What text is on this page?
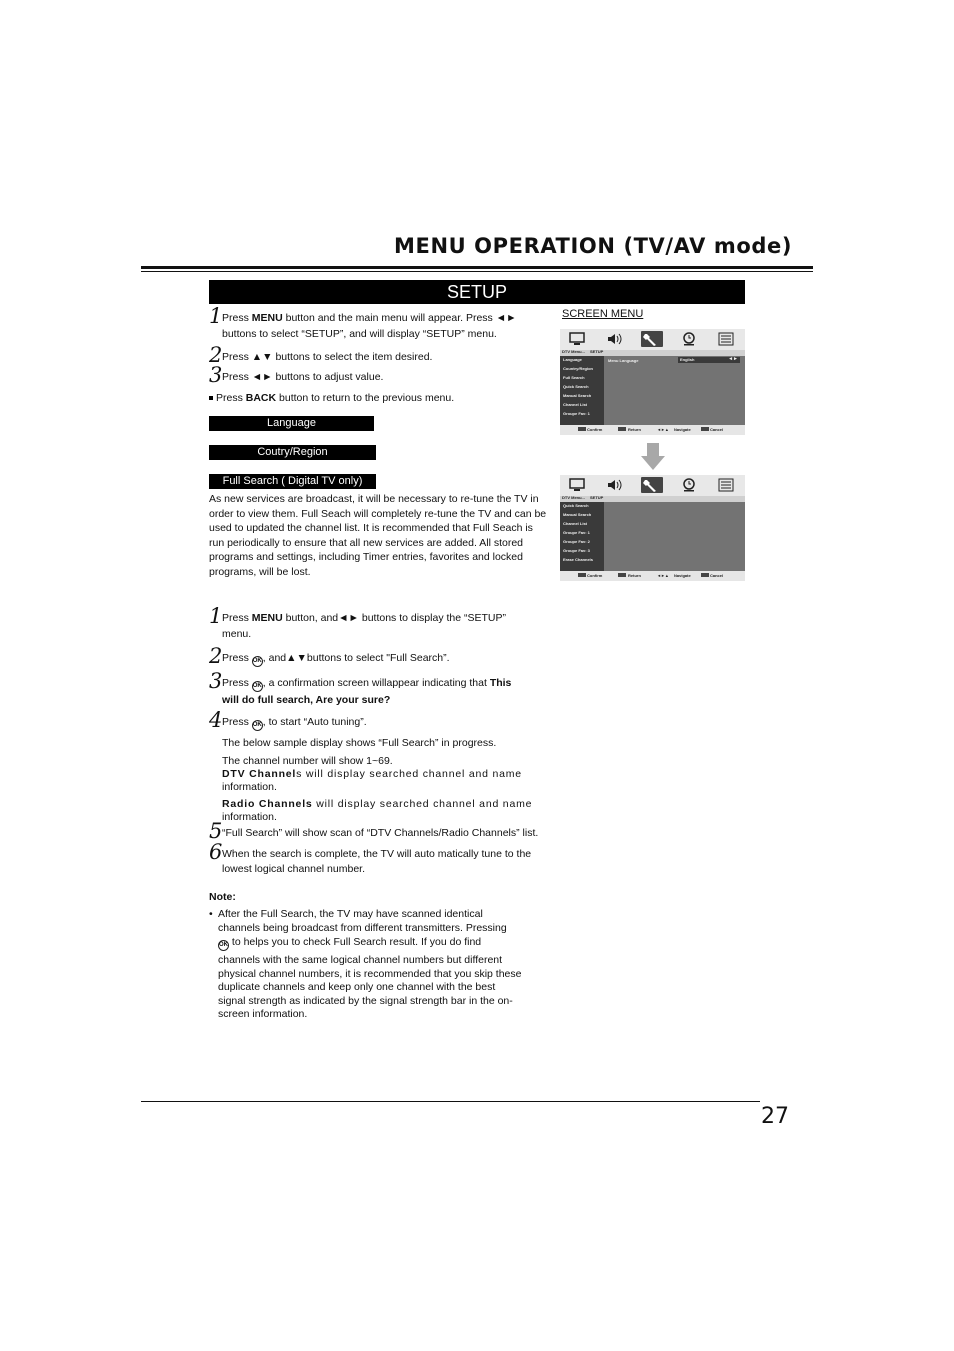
MENU OPERATION (TV/AV mode)
SETUP
1 Press MENU button and the main menu will appear. Press ◄►
buttons to select “SETUP”, and will display “SETUP” menu.
2 Press ▲▼ buttons to select the item desired.
3 Press ◄► buttons to adjust value.
Press BACK button to return to the previous menu.
Language
Coutry/Region
Full Search ( Digital TV only)
As new services are broadcast, it will be necessary to re-tune the TV in order to view them. Full Seach will completely re-tune the TV and can be used to updated the channel list. It is recommended that Full Seach is run periodically to ensure that all new services are added. All stored programs and settings, including Timer entries, favorites and locked programs, will be lost.
1 Press MENU button, and◄► buttons to display the “SETUP”
menu.
2 Press OK, and▲▼buttons to select "Full Search”.
3 Press OK, a confirmation screen willappear indicating that This
will do full search, Are your sure?
4 Press OK, to start “Auto tuning”.
The below sample display shows “Full Search” in progress.
The channel number will show 1~69.
DTV Channels will display searched channel and name
information.
Radio Channels will display searched channel and name
information.
5 “Full Search” will show scan of “DTV Channels/Radio Channels” list.
6 When the search is complete, the TV will auto matically tune to the
lowest logical channel number.
Note:
• After the Full Search, the TV may have scanned identical
channels being broadcast from different transmitters. Pressing
OK to helps you to check Full Search result. If you do find
channels with the same logical channel numbers but different
physical channel numbers, it is recommended that you skip these
duplicate channels and keep only one channel with the best
signal strength as indicated by the signal strength bar in the on-
screen information.
SCREEN MENU
DTV Menu... SETUP
Language
Country/Region
Full Search
Quick Search
Manual Search
Channel List
Groupe Fav: 1
Menu Language	English	◄►
Confirm	Return	◄►▲ Navigate	Cancel
DTV Menu... SETUP
Quick Search
Manual Search
Channel List
Groupe Fav: 1
Groupe Fav: 2
Groupe Fav: 3
Erase Channels
Confirm	Return	◄►▲ Navigate	Cancel
27
